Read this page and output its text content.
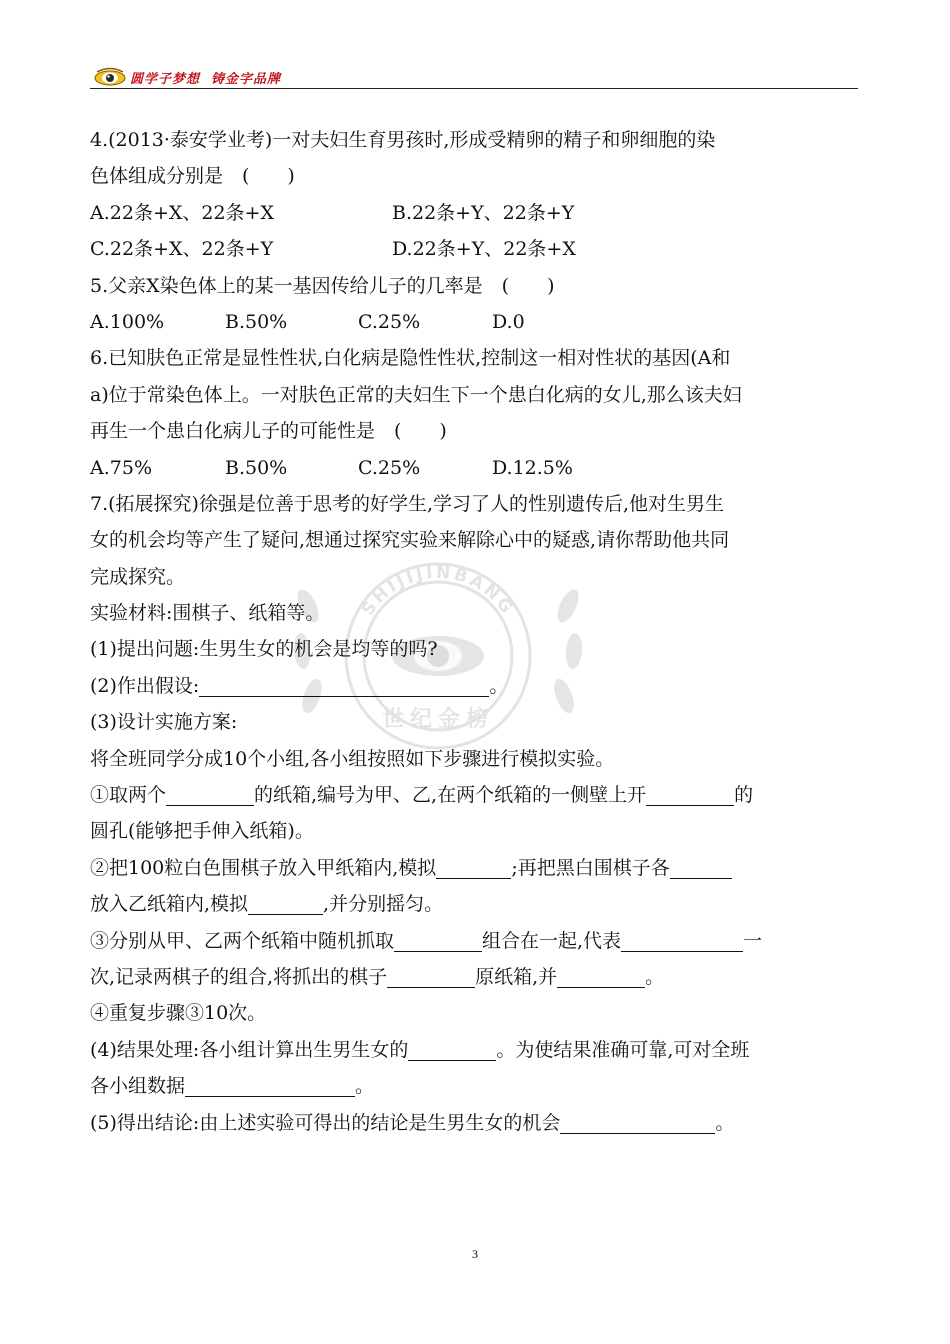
圆学子梦想  铸金字品牌
SHIJIJINBANG
世纪金榜
4.(2013·泰安学业考)一对夫妇生育男孩时,形成受精卵的精子和卵细胞的染
色体组成分别是　(　　)
A.22条+X、22条+X	B.22条+Y、22条+Y
C.22条+X、22条+Y	D.22条+Y、22条+X
5.父亲X染色体上的某一基因传给儿子的几率是　(　　)
A.100%	B.50%	C.25%	D.0
6.已知肤色正常是显性性状,白化病是隐性性状,控制这一相对性状的基因(A和
a)位于常染色体上。一对肤色正常的夫妇生下一个患白化病的女儿,那么该夫妇
再生一个患白化病儿子的可能性是　(　　)
A.75%	B.50%	C.25%	D.12.5%
7.(拓展探究)徐强是位善于思考的好学生,学习了人的性别遗传后,他对生男生
女的机会均等产生了疑问,想通过探究实验来解除心中的疑惑,请你帮助他共同
完成探究。
实验材料:围棋子、纸箱等。
(1)提出问题:生男生女的机会是均等的吗?
(2)作出假设:	。
(3)设计实施方案:
将全班同学分成10个小组,各小组按照如下步骤进行模拟实验。
①取两个	的纸箱,编号为甲、乙,在两个纸箱的一侧壁上开	的
圆孔(能够把手伸入纸箱)。
②把100粒白色围棋子放入甲纸箱内,模拟	;再把黑白围棋子各
放入乙纸箱内,模拟	,并分别摇匀。
③分别从甲、乙两个纸箱中随机抓取	组合在一起,代表	一
次,记录两棋子的组合,将抓出的棋子	原纸箱,并	。
④重复步骤③10次。
(4)结果处理:各小组计算出生男生女的	。为使结果准确可靠,可对全班
各小组数据	。
(5)得出结论:由上述实验可得出的结论是生男生女的机会	。
3
